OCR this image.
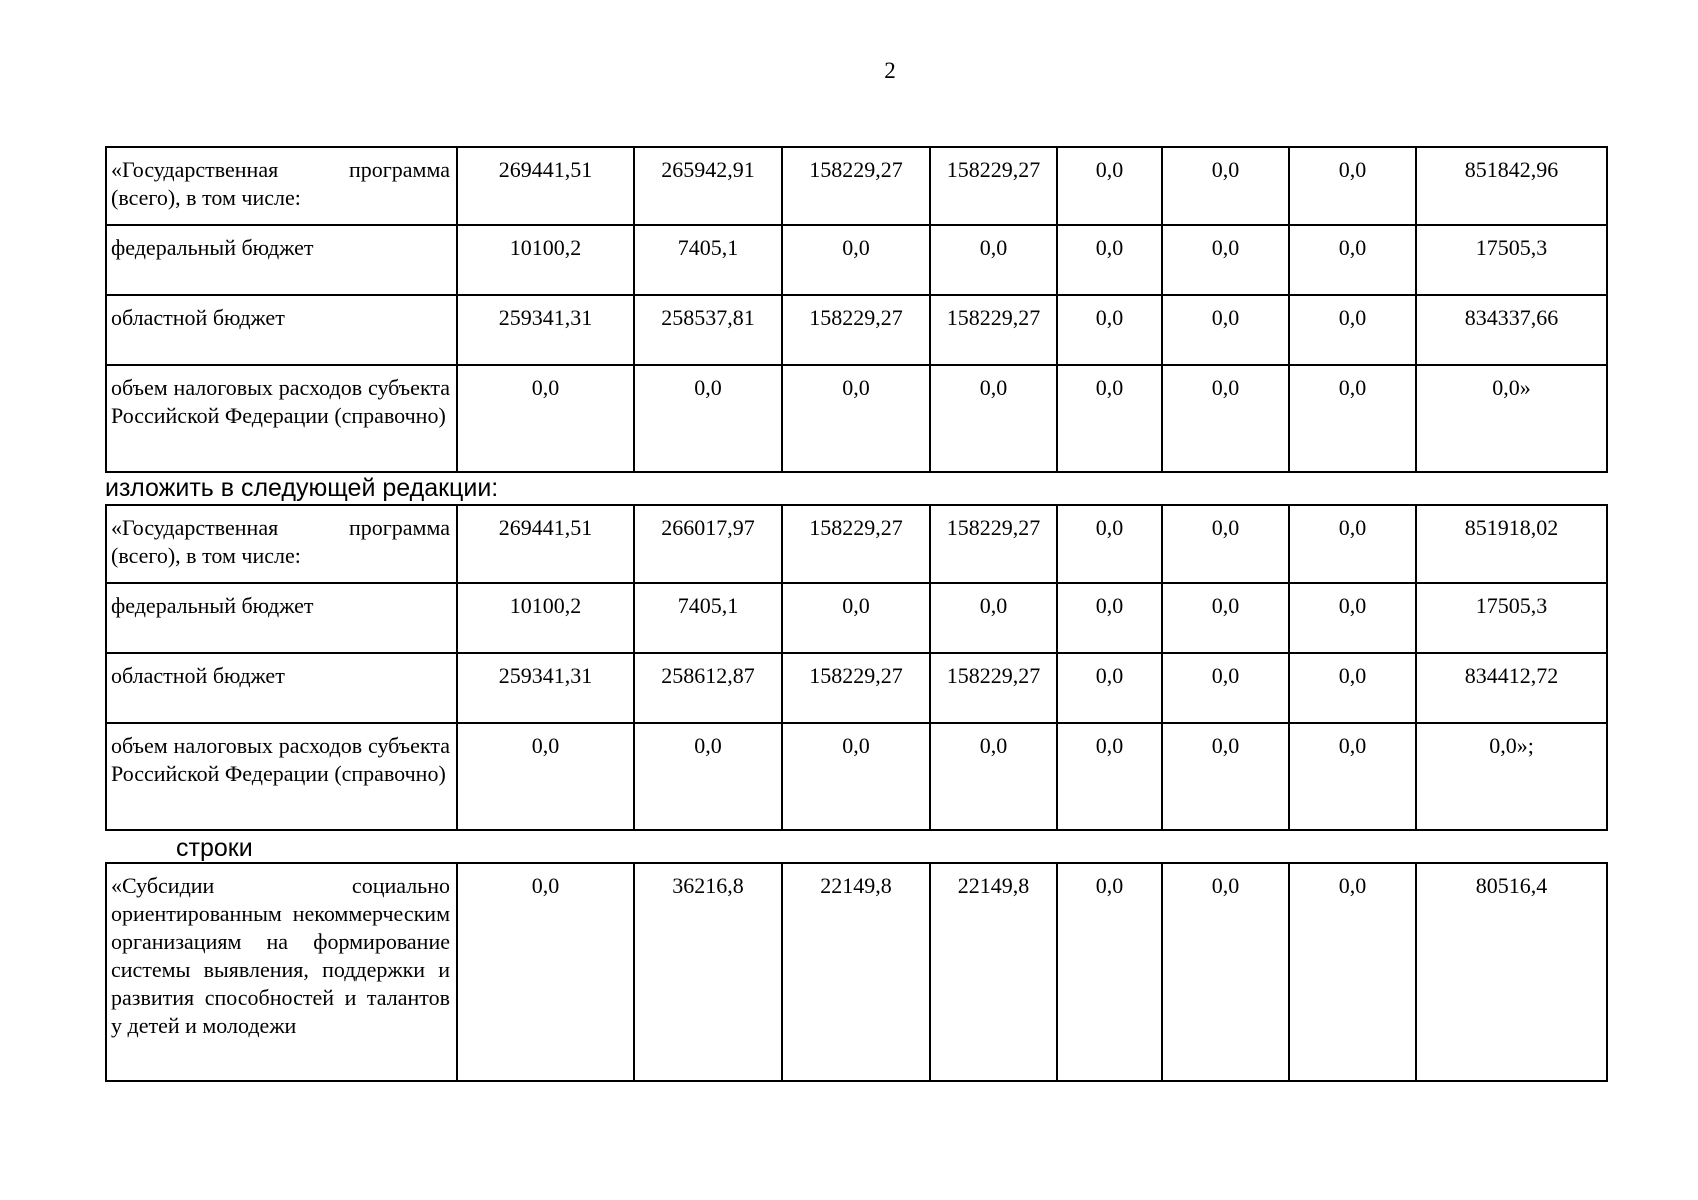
2
«Государственная программа (всего), в том числе:	269441,51	265942,91	158229,27	158229,27	0,0	0,0	0,0	851842,96
федеральный бюджет	10100,2	7405,1	0,0	0,0	0,0	0,0	0,0	17505,3
областной бюджет	259341,31	258537,81	158229,27	158229,27	0,0	0,0	0,0	834337,66
объем налоговых расходов субъекта Российской Федерации (справочно)	0,0	0,0	0,0	0,0	0,0	0,0	0,0	0,0»
изложить в следующей редакции:
«Государственная программа (всего), в том числе:	269441,51	266017,97	158229,27	158229,27	0,0	0,0	0,0	851918,02
федеральный бюджет	10100,2	7405,1	0,0	0,0	0,0	0,0	0,0	17505,3
областной бюджет	259341,31	258612,87	158229,27	158229,27	0,0	0,0	0,0	834412,72
объем налоговых расходов субъекта Российской Федерации (справочно)	0,0	0,0	0,0	0,0	0,0	0,0	0,0	0,0»;
строки
«Субсидии социально ориентированным некоммерческим организациям на формирование системы выявления, поддержки и развития способностей и талантов у детей и молодежи	0,0	36216,8	22149,8	22149,8	0,0	0,0	0,0	80516,4
